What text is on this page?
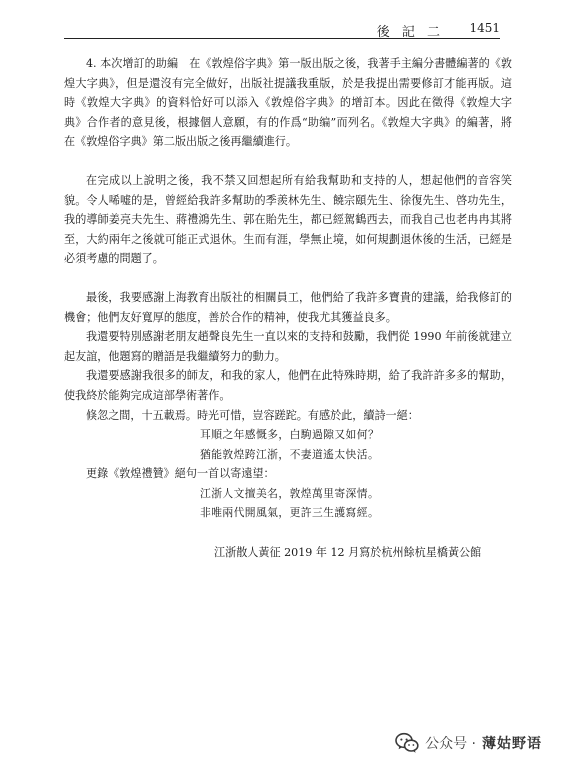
後 記 二 1451

4. 本次增訂的助編　在《敦煌俗字典》第一版出版之後，我著手主編分書體編著的《敦煌大字典》，但是還沒有完全做好，出版社提議我重版，於是我提出需要修訂才能再版。這時《敦煌大字典》的資料恰好可以添入《敦煌俗字典》的增訂本。因此在徵得《敦煌大字典》合作者的意見後，根據個人意願，有的作爲“助编”而列名。《敦煌大字典》的編著，將在《敦煌俗字典》第二版出版之後再繼續進行。

在完成以上說明之後，我不禁又回想起所有給我幫助和支持的人，想起他們的音容笑貌。令人唏嘘的是，曾經給我許多幫助的季羨林先生、饒宗頤先生、徐復先生、啓功先生，我的導師姜亮夫先生、蔣禮鴻先生、郭在貽先生，都已經駕鶴西去，而我自己也老冉冉其將至，大約兩年之後就可能正式退休。生而有涯，學無止境，如何規劃退休後的生活，已經是必須考慮的問題了。

最後，我要感謝上海教育出版社的相關員工，他們給了我許多寶貴的建議，給我修訂的機會；他們友好寬厚的態度，善於合作的精神，使我尤其獲益良多。

我還要特別感謝老朋友趙聲良先生一直以來的支持和鼓勵，我們從 1990 年前後就建立起友誼，他題寫的贈語是我繼續努力的動力。

我還要感謝我很多的師友，和我的家人，他們在此特殊時期，給了我許許多多的幫助，使我終於能夠完成這部學術著作。

倏忽之間，十五載焉。時光可惜，豈容蹉跎。有感於此，續詩一絕：

耳順之年感慨多，白駒過隙又如何？
猶能敦煌跨江浙，不妻道遙太快活。

更錄《敦煌禮贊》絕句一首以寄遠望：

江浙人文擅美名，敦煌萬里寄深情。
非唯兩代開風氣，更許三生護寫經。
江浙散人黃征 2019 年 12 月寫於杭州餘杭星橋黃公館
公众号 · 薄姑野语
